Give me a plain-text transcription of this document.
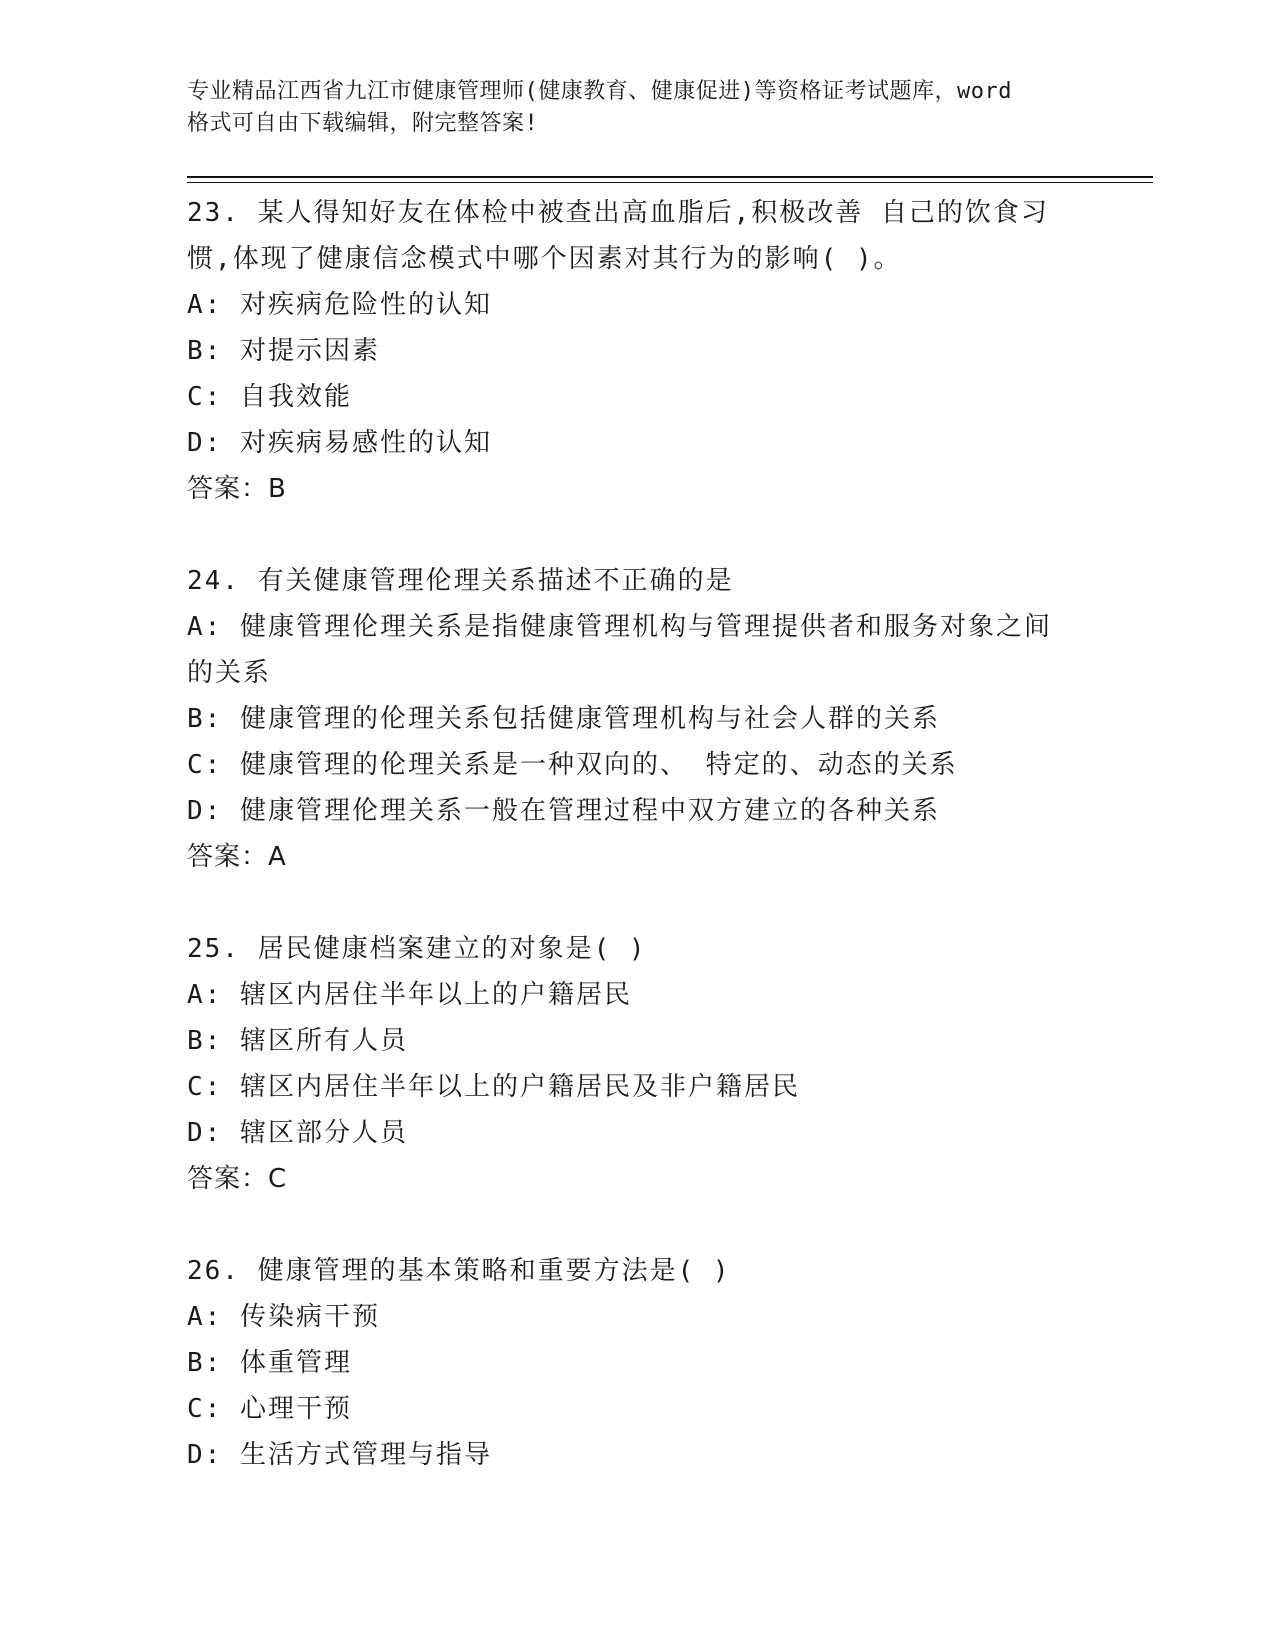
专业精品江西省九江市健康管理师(健康教育、健康促进)等资格证考试题库，word
格式可自由下载编辑，附完整答案!
23. 某人得知好友在体检中被查出高血脂后,积极改善 自己的饮食习
惯,体现了健康信念模式中哪个因素对其行为的影响( )。
A: 对疾病危险性的认知
B: 对提示因素
C: 自我效能
D: 对疾病易感性的认知
答案：B
24. 有关健康管理伦理关系描述不正确的是
A: 健康管理伦理关系是指健康管理机构与管理提供者和服务对象之间
的关系
B: 健康管理的伦理关系包括健康管理机构与社会人群的关系
C: 健康管理的伦理关系是一种双向的、 特定的、动态的关系
D: 健康管理伦理关系一般在管理过程中双方建立的各种关系
答案：A
25. 居民健康档案建立的对象是( )
A: 辖区内居住半年以上的户籍居民
B: 辖区所有人员
C: 辖区内居住半年以上的户籍居民及非户籍居民
D: 辖区部分人员
答案：C
26. 健康管理的基本策略和重要方法是( )
A: 传染病干预
B: 体重管理
C: 心理干预
D: 生活方式管理与指导
